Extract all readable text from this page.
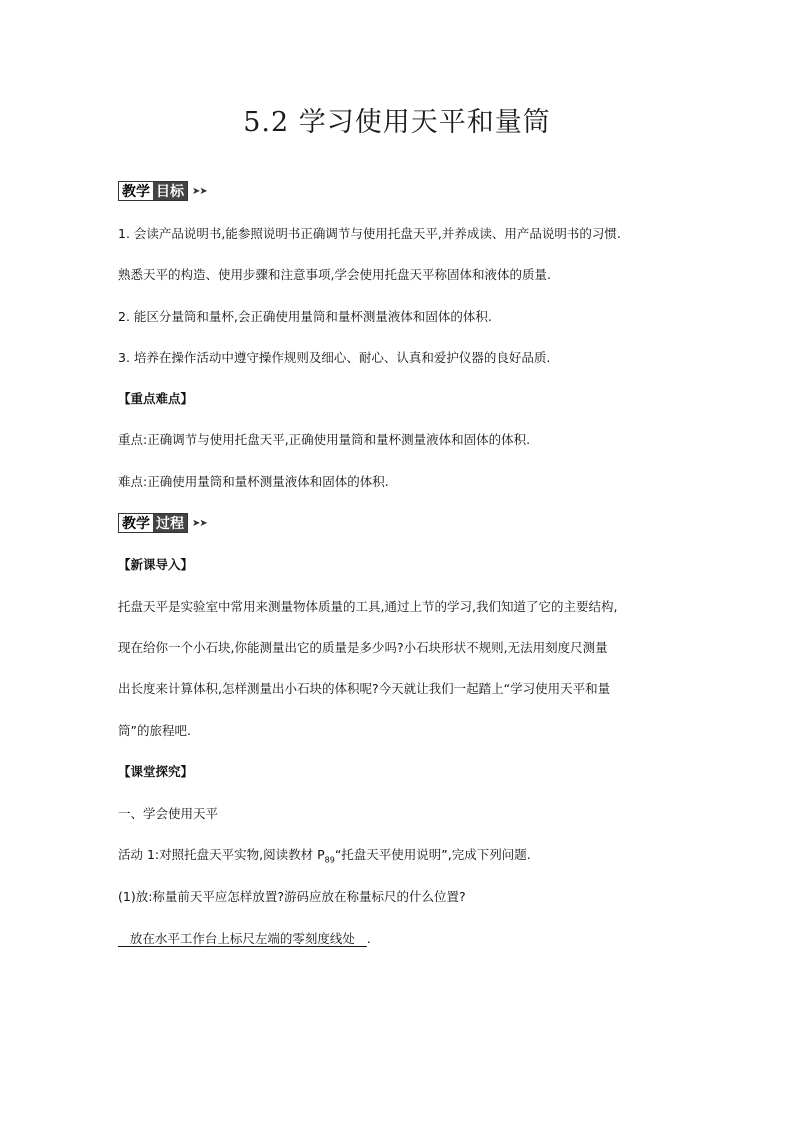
5.2 学习使用天平和量筒
教学 目标 ➤➤
1. 会读产品说明书,能参照说明书正确调节与使用托盘天平,并养成读、用产品说明书的习惯.
熟悉天平的构造、使用步骤和注意事项,学会使用托盘天平称固体和液体的质量.
2. 能区分量筒和量杯,会正确使用量筒和量杯测量液体和固体的体积.
3. 培养在操作活动中遵守操作规则及细心、耐心、认真和爱护仪器的良好品质.
【重点难点】
重点:正确调节与使用托盘天平,正确使用量筒和量杯测量液体和固体的体积.
难点:正确使用量筒和量杯测量液体和固体的体积.
教学 过程 ➤➤
【新课导入】
托盘天平是实验室中常用来测量物体质量的工具,通过上节的学习,我们知道了它的主要结构,
现在给你一个小石块,你能测量出它的质量是多少吗?小石块形状不规则,无法用刻度尺测量
出长度来计算体积,怎样测量出小石块的体积呢?今天就让我们一起踏上“学习使用天平和量
筒”的旅程吧.
【课堂探究】
一、学会使用天平
活动 1:对照托盘天平实物,阅读教材 $P_{89}“$托盘天平使用说明”,完成下列问题.
(1)放:称量前天平应怎样放置?游码应放在称量标尺的什么位置?
放在水平工作台上标尺左端的零刻度线处   .
